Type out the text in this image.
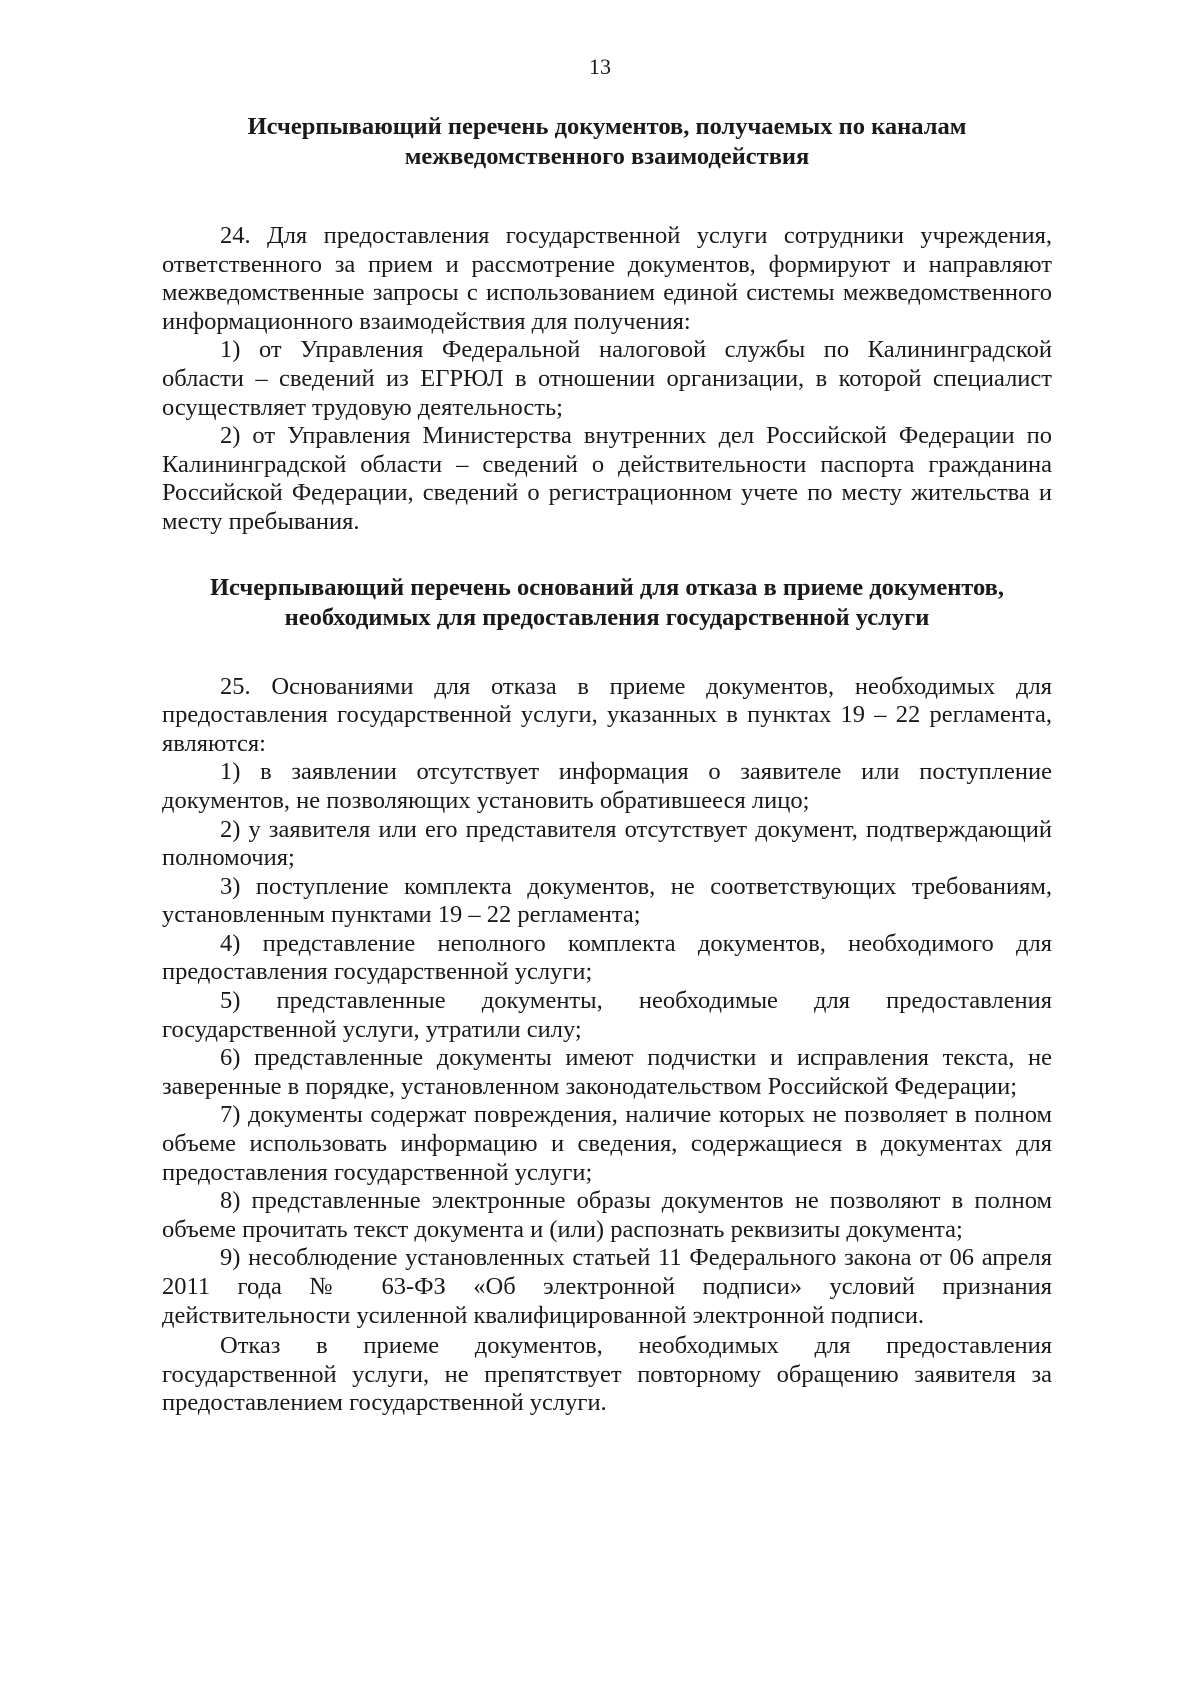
13

Исчерпывающий перечень документов, получаемых по каналам
межведомственного взаимодействия

24. Для предоставления государственной услуги сотрудники учреждения, ответственного за прием и рассмотрение документов, формируют и направляют межведомственные запросы с использованием единой системы межведомственного информационного взаимодействия для получения:

1) от Управления Федеральной налоговой службы по Калининградской области – сведений из ЕГРЮЛ в отношении организации, в которой специалист осуществляет трудовую деятельность;

2) от Управления Министерства внутренних дел Российской Федерации по Калининградской области – сведений о действительности паспорта гражданина Российской Федерации, сведений о регистрационном учете по месту жительства и месту пребывания.

Исчерпывающий перечень оснований для отказа в приеме документов,
необходимых для предоставления государственной услуги

25. Основаниями для отказа в приеме документов, необходимых для предоставления государственной услуги, указанных в пунктах 19 – 22 регламента, являются:

1) в заявлении отсутствует информация о заявителе или поступление документов, не позволяющих установить обратившееся лицо;

2) у заявителя или его представителя отсутствует документ, подтверждающий полномочия;

3) поступление комплекта документов, не соответствующих требованиям, установленным пунктами 19 – 22 регламента;

4) представление неполного комплекта документов, необходимого для предоставления государственной услуги;

5) представленные документы, необходимые для предоставления государственной услуги, утратили силу;

6) представленные документы имеют подчистки и исправления текста, не заверенные в порядке, установленном законодательством Российской Федерации;

7) документы содержат повреждения, наличие которых не позволяет в полном объеме использовать информацию и сведения, содержащиеся в документах для предоставления государственной услуги;

8) представленные электронные образы документов не позволяют в полном объеме прочитать текст документа и (или) распознать реквизиты документа;

9) несоблюдение установленных статьей 11 Федерального закона от 06 апреля 2011 года № 63-ФЗ «Об электронной подписи» условий признания действительности усиленной квалифицированной электронной подписи.

Отказ в приеме документов, необходимых для предоставления государственной услуги, не препятствует повторному обращению заявителя за предоставлением государственной услуги.
